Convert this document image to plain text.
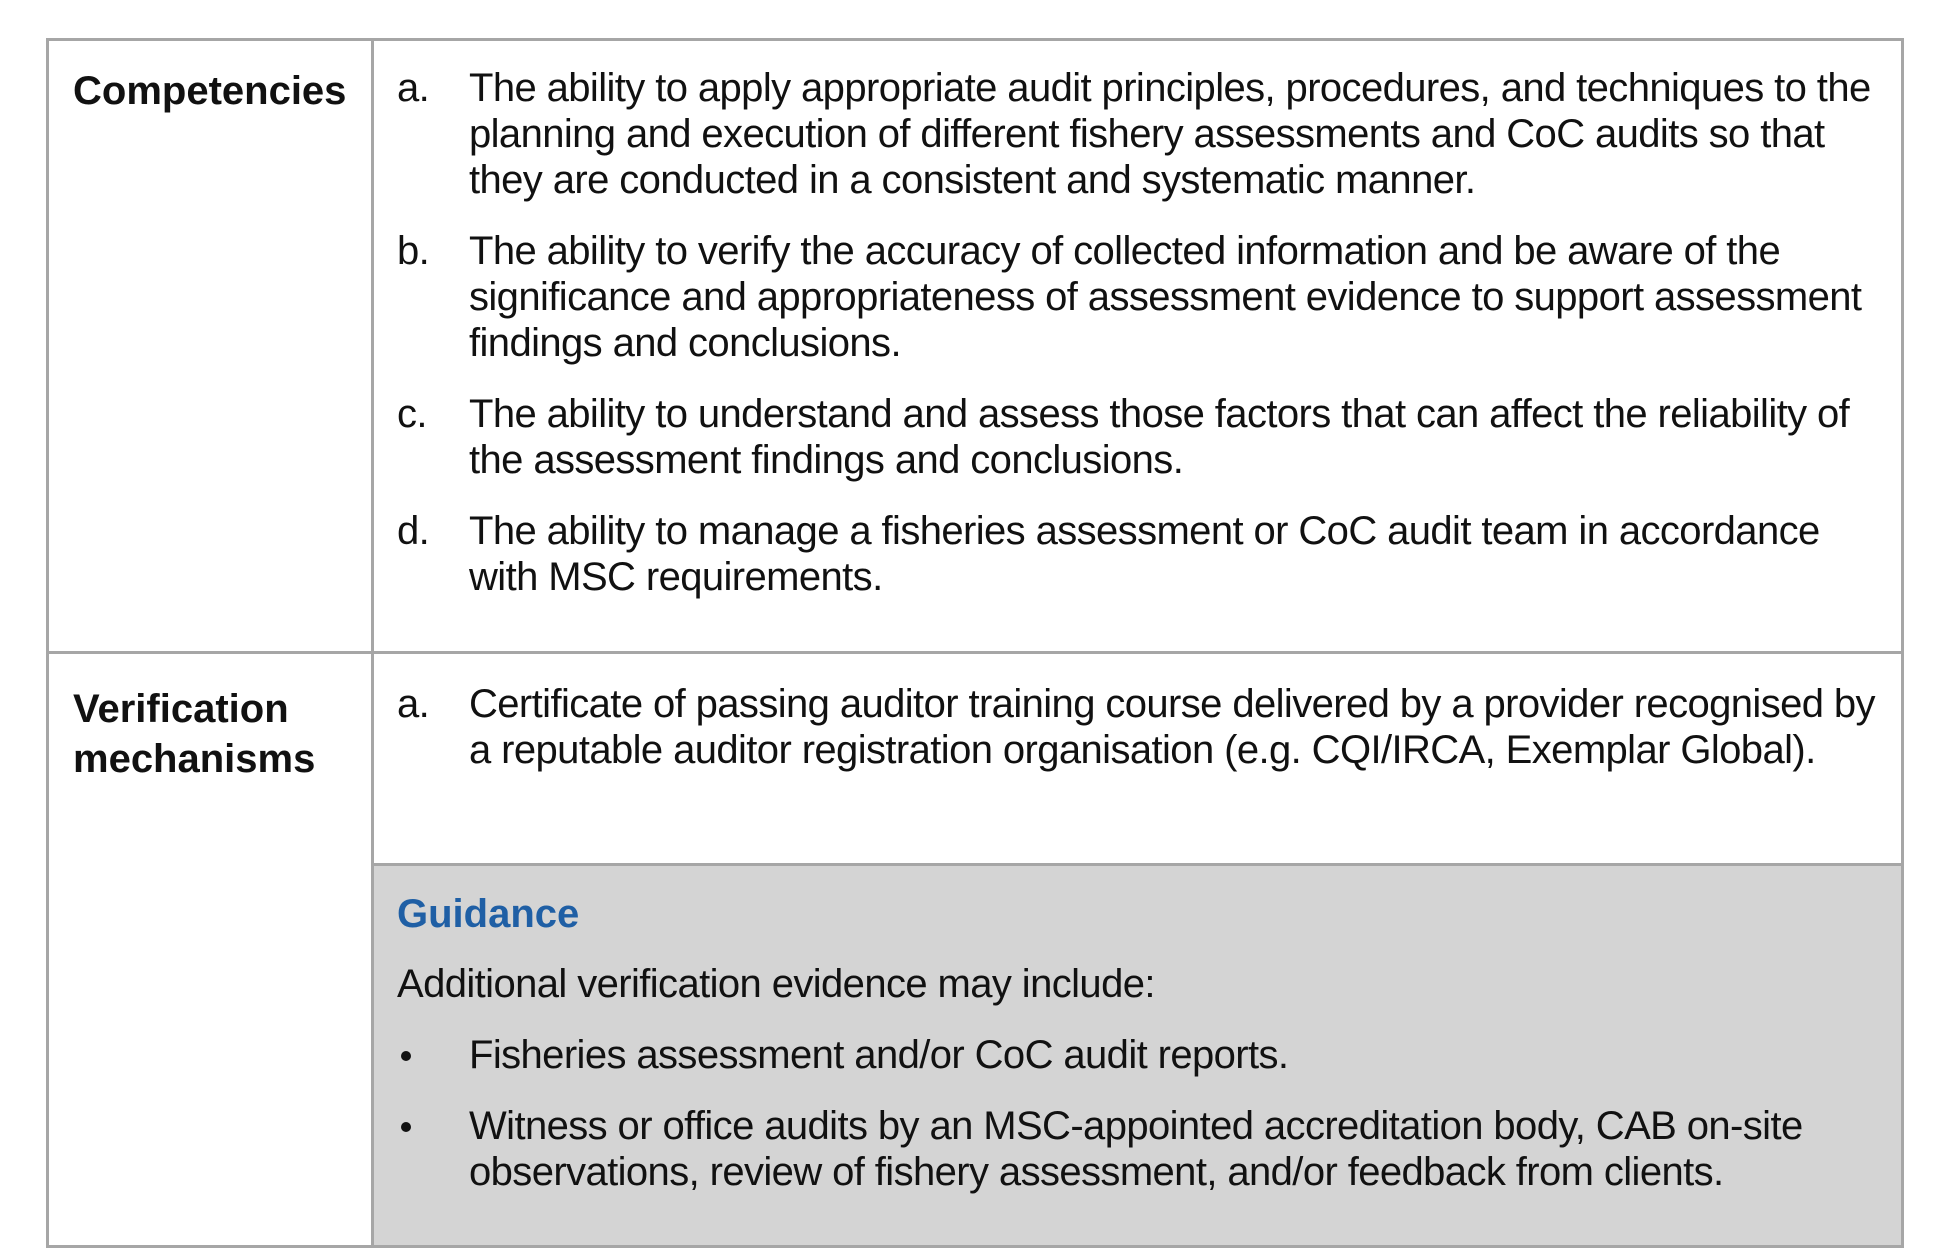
Competencies a. The ability to apply appropriate audit principles, procedures, and techniques to the planning and execution of different fishery assessments and CoC audits so that they are conducted in a consistent and systematic manner.
b. The ability to verify the accuracy of collected information and be aware of the significance and appropriateness of assessment evidence to support assessment findings and conclusions.
c. The ability to understand and assess those factors that can affect the reliability of the assessment findings and conclusions.
d. The ability to manage a fisheries assessment or CoC audit team in accordance with MSC requirements.
Verification
mechanisms
a. Certificate of passing auditor training course delivered by a provider recognised by a reputable auditor registration organisation (e.g. CQI/IRCA, Exemplar Global).
Guidance
Additional verification evidence may include:
Fisheries assessment and/or CoC audit reports.
Witness or office audits by an MSC-appointed accreditation body, CAB on-site observations, review of fishery assessment, and/or feedback from clients.
